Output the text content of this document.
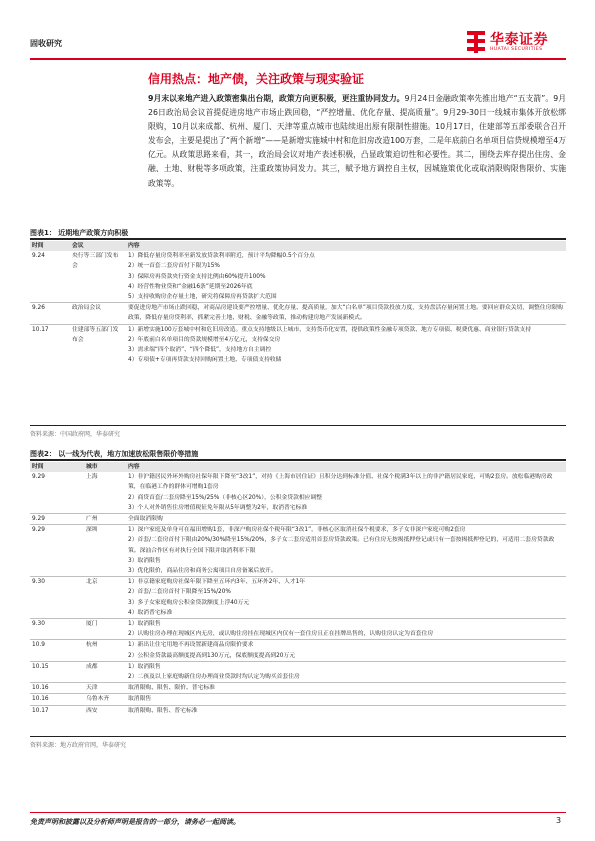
固收研究	华泰证券
HUATAI SECURITIES
信用热点：地产债，关注政策与现实验证

9月末以来地产进入政策密集出台期，政策方向更积极，更注重协同发力。9月24日金融政策率先推出地产“五支箭”。9月26日政治局会议首提促进房地产市场止跌回稳，“严控增量、优化存量、提高质量”。9月29-30日一线城市集体开放松绑限购，10月以来成都、杭州、厦门、天津等重点城市也陆续退出原有限制性措施。10月17日，住建部等五部委联合召开发布会，主要是提出了“两个新增”——是新增实施城中村和危旧房改造100万套，二是年底前白名单项目信贷规模增至4万亿元。从政策思路来看，其一，政治局会议对地产表述积极，凸显政策迫切性和必要性。其二，围绕去库存提出住房、金融、土地、财税等多项政策，注重政策协同发力。其三，赋予地方调控自主权，因城施策优化或取消限购限售限价、实施政策等。

图表1： 近期地产政策方向积极
时间	会议	内容
9.24	央行等三部门发布会	1）降低存量房贷利率至新发放贷款利率附近，预计平均降幅0.5个百分点
2）统一首套二套房首付下限为15%
3）保障房再贷款央行资金支持比例由60%提升100%
4）经营性物业贷和“金融16条”延期至2026年底
5）支持收购房企存量土地，研究将保障房再贷款扩大范围

9.26	政治局会议	要促进房地产市场止跌回稳，对商品房建设要严控增量、优化存量、提高质量，加大“白名单”项目贷款投放力度，支持盘活存量闲置土地。要回应群众关切，调整住房限购政策，降低存量房贷利率，抓紧完善土地、财税、金融等政策，推动构建房地产发展新模式。

10.17	住建部等五部门发布会	1）新增实施100万套城中村和危旧房改造。重点支持地级以上城市，支持货币化安置，提供政策性金融专项贷款、地方专项债、税费优惠、商业银行贷款支持
2）年底前白名单项目的贷款规模增至4万亿元，支持保交房
3）需求端“四个取消”、“四个降低”，支持地方自主调控
4）专项债+专项再贷款支持回购闲置土地、专项债支持收储
资料来源：中国政府网，华泰研究
图表2： 以一线为代表，地方加速放松限售限价等措施
时间	城市	内容
9.29	上海	1）非沪籍居民外环外购房社保年限下降至“3改1”，对持《上海市居住证》且积分达到标准分值、社保个税满3年以上的非沪籍居民家庭，可购2套房。放松临港购房政策，在临港工作的群体可增购1套房
2）商贷首套/二套房降至15%/25%（非核心区20%），公积金贷款相应调整
3）个人对外销售住房增值税征免年限从5年调整为2年，取消普宅标准

9.29	广州	全面取消限购

9.29	深圳	1）深户家庭及单身可在福田增购1套，非深户购房社保个税年限“3改1”，非核心区取消社保个税要求，多子女非深户家庭可购2套房
2）首套/二套房首付下限由20%/30%降至15%/20%，多子女二套房适用首套房贷款政策。已有住房无按揭抵押登记或只有一套按揭抵押登记的，可适用二套房贷款政策。深汕合作区有对执行全国下限并取消利率下限
3）取消限售
3）优化限价，商品住房和商务公寓项目自房备案后放开。

9.30	北京	1）非京籍家庭购房社保年限下降至五环内3年、五环外2年、人才1年
2）首套/二套房首付下限降至15%/20%
3）多子女家庭购房公积金贷款额度上浮40万元
4）取消普宅标准

9.30	厦门	1）取消限售
2）认购住房办理在现城区内无房，或认购住房挂在现城区内仅有一套住房且正在挂牌出售的，认购住房认定为首套住房

10.9	杭州	1）新出让住宅用地不再设置新建商品房限价要求
2）公积金贷款最高额度提高到130万元，保底额度提高到20万元

10.15	成都	1）取消限售
2）二孩及以上家庭购新住房办理商业贷款时均认定为购买首套住房

10.16	天津	取消限购、限售、限价、普宅标准

10.16	乌鲁木齐	取消限售

10.17	西安	取消限购、限售、普宅标准
资料来源：地方政府官网，华泰研究
免责声明和披露以及分析师声明是报告的一部分，请务必一起阅读。	3
